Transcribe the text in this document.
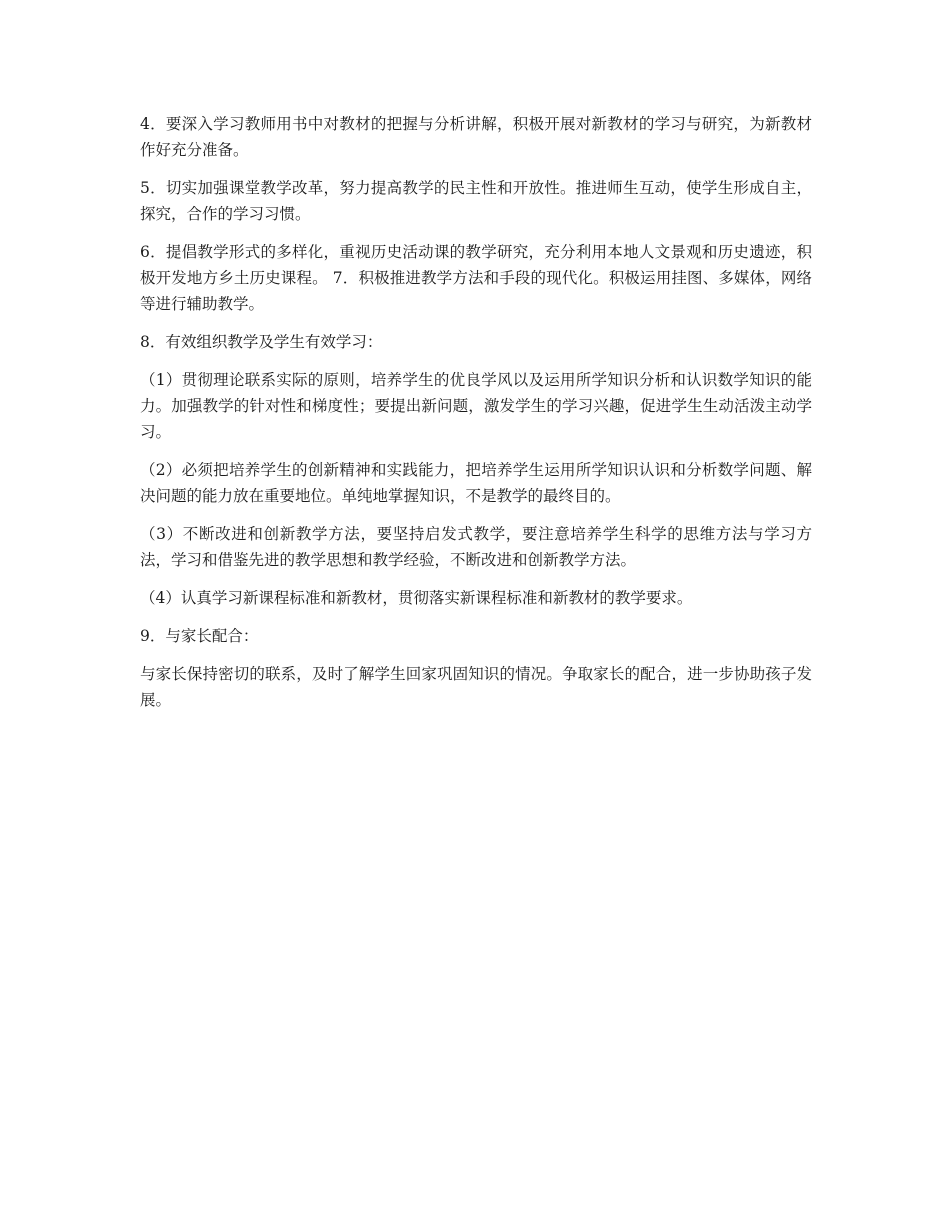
4．要深入学习教师用书中对教材的把握与分析讲解，积极开展对新教材的学习与研究，为新教材作好充分准备。

5．切实加强课堂教学改革，努力提高教学的民主性和开放性。推进师生互动，使学生形成自主，探究，合作的学习习惯。

6．提倡教学形式的多样化，重视历史活动课的教学研究，充分利用本地人文景观和历史遗迹，积极开发地方乡土历史课程。 7．积极推进教学方法和手段的现代化。积极运用挂图、多媒体，网络等进行辅助教学。

8．有效组织教学及学生有效学习：

（1）贯彻理论联系实际的原则，培养学生的优良学风以及运用所学知识分析和认识数学知识的能力。加强教学的针对性和梯度性；要提出新问题，激发学生的学习兴趣，促进学生生动活泼主动学习。

（2）必须把培养学生的创新精神和实践能力，把培养学生运用所学知识认识和分析数学问题、解决问题的能力放在重要地位。单纯地掌握知识，不是教学的最终目的。

（3）不断改进和创新教学方法，要坚持启发式教学，要注意培养学生科学的思维方法与学习方法，学习和借鉴先进的教学思想和教学经验，不断改进和创新教学方法。

（4）认真学习新课程标准和新教材，贯彻落实新课程标准和新教材的教学要求。

9．与家长配合：

与家长保持密切的联系，及时了解学生回家巩固知识的情况。争取家长的配合，进一步协助孩子发展。
